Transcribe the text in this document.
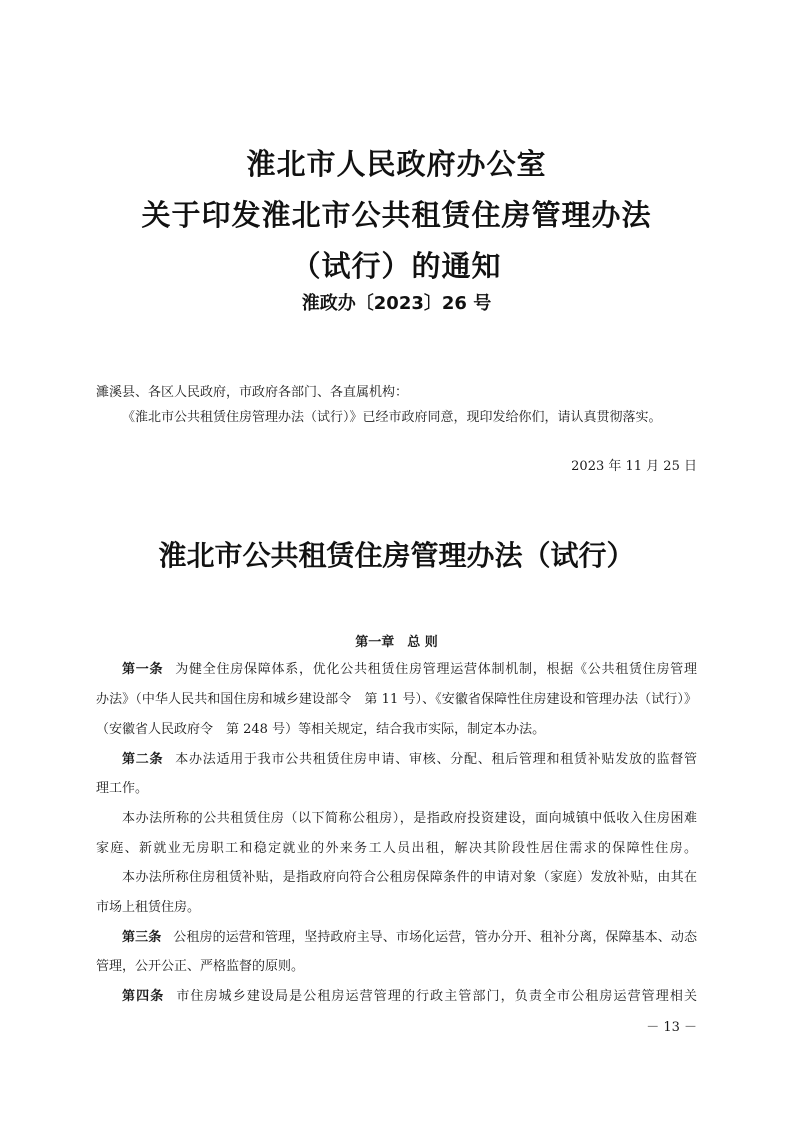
淮北市人民政府办公室
关于印发淮北市公共租赁住房管理办法
（试行）的通知
淮政办〔2023〕26 号
濉溪县、各区人民政府，市政府各部门、各直属机构：
《淮北市公共租赁住房管理办法（试行）》已经市政府同意，现印发给你们，请认真贯彻落实。
2023 年 11 月 25 日
淮北市公共租赁住房管理办法（试行）
第一章　总 则
第一条 为健全住房保障体系，优化公共租赁住房管理运营体制机制，根据《公共租赁住房管理
办法》（中华人民共和国住房和城乡建设部令　第 11 号）、《安徽省保障性住房建设和管理办法（试行）》
（安徽省人民政府令　第 248 号）等相关规定，结合我市实际，制定本办法。
第二条 本办法适用于我市公共租赁住房申请、审核、分配、租后管理和租赁补贴发放的监督管
理工作。
本办法所称的公共租赁住房（以下简称公租房），是指政府投资建设，面向城镇中低收入住房困难
家庭、新就业无房职工和稳定就业的外来务工人员出租，解决其阶段性居住需求的保障性住房。
本办法所称住房租赁补贴，是指政府向符合公租房保障条件的申请对象（家庭）发放补贴，由其在
市场上租赁住房。
第三条 公租房的运营和管理，坚持政府主导、市场化运营，管办分开、租补分离，保障基本、动态
管理，公开公正、严格监督的原则。
第四条 市住房城乡建设局是公租房运营管理的行政主管部门，负责全市公租房运营管理相关
－ 13 －
